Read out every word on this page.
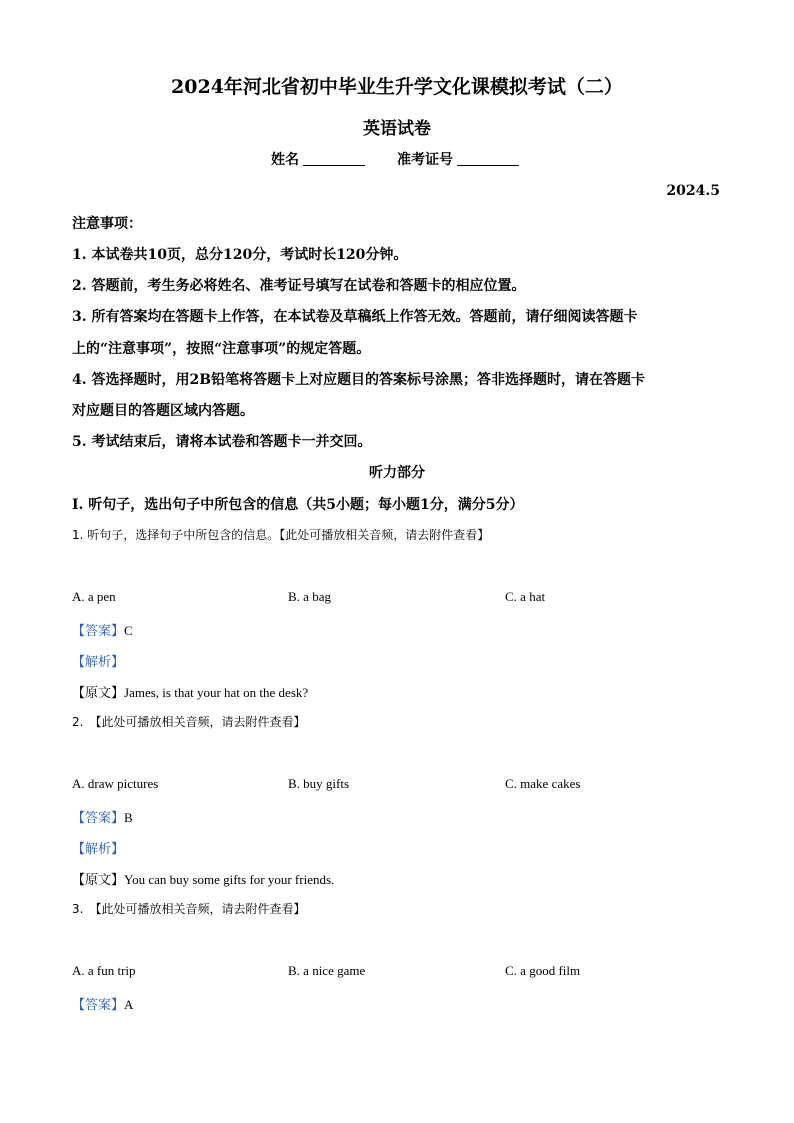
2024年河北省初中毕业生升学文化课模拟考试（二）
英语试卷
姓名	准考证号
2024.5
注意事项：
1. 本试卷共10页，总分120分，考试时长120分钟。
2. 答题前，考生务必将姓名、准考证号填写在试卷和答题卡的相应位置。
3. 所有答案均在答题卡上作答，在本试卷及草稿纸上作答无效。答题前，请仔细阅读答题卡
上的“注意事项”，按照“注意事项”的规定答题。
4. 答选择题时，用2B铅笔将答题卡上对应题目的答案标号涂黑；答非选择题时，请在答题卡
对应题目的答题区域内答题。
5. 考试结束后，请将本试卷和答题卡一并交回。
听力部分
Ⅰ. 听句子，选出句子中所包含的信息（共5小题；每小题1分，满分5分）
1. 听句子，选择句子中所包含的信息。【此处可播放相关音频，请去附件查看】
A. a pen	B. a bag	C. a hat
【答案】C
【解析】
【原文】James, is that your hat on the desk?
2.　【此处可播放相关音频，请去附件查看】
A. draw pictures	B. buy gifts	C. make cakes
【答案】B
【解析】
【原文】You can buy some gifts for your friends.
3.　【此处可播放相关音频，请去附件查看】
A. a fun trip	B. a nice game	C. a good film
【答案】A
